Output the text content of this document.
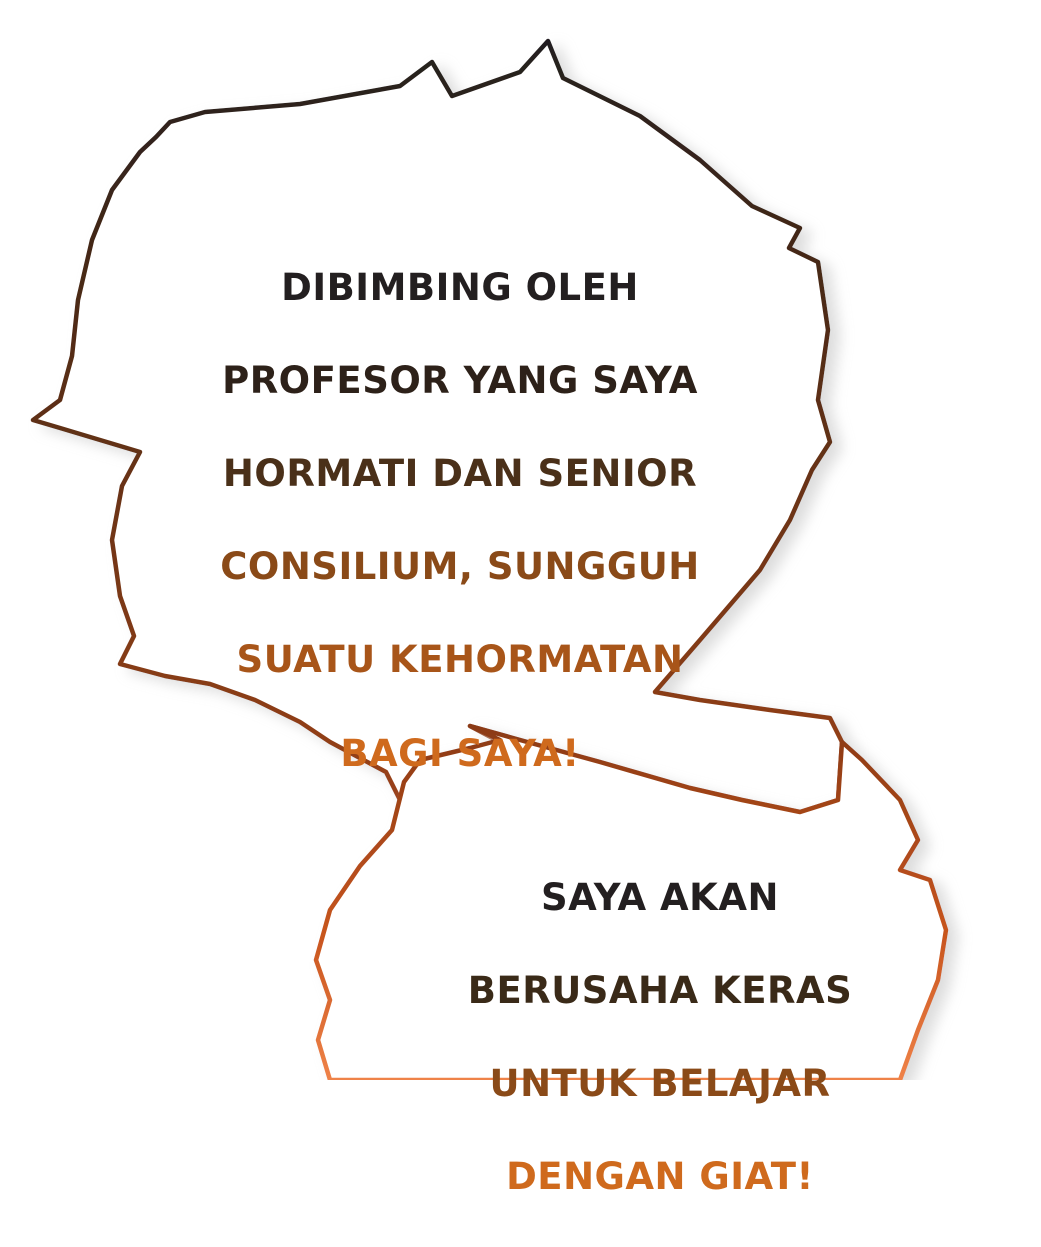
DIBIMBING OLEH

PROFESOR YANG SAYA

HORMATI DAN SENIOR

CONSILIUM, SUNGGUH

SUATU KEHORMATAN

BAGI SAYA!

SAYA AKAN

BERUSAHA KERAS

UNTUK BELAJAR

DENGAN GIAT!
